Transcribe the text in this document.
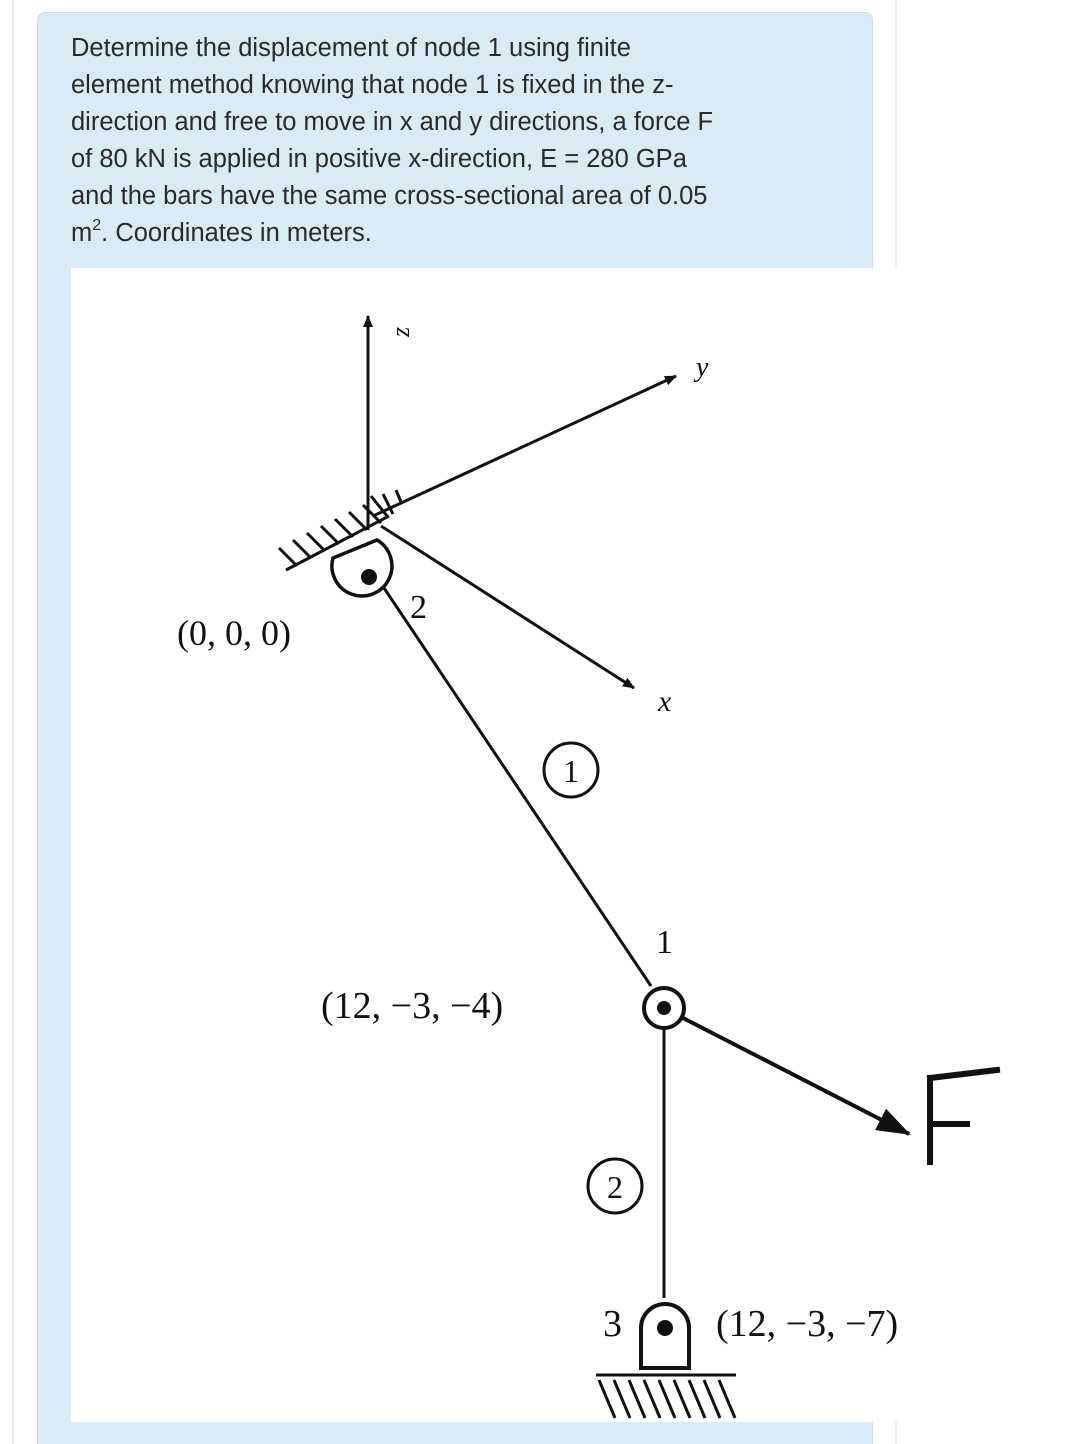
Determine the displacement of node 1 using finite
element method knowing that node 1 is fixed in the z-
direction and free to move in x and y directions, a force F
of 80 kN is applied in positive x-direction, E = 280 GPa
and the bars have the same cross-sectional area of 0.05
$m^2$. Coordinates in meters.
z
y
x
2
(0, 0, 0)
1
1
(12, −3, −4)
2
3 (12, −3, −7)
